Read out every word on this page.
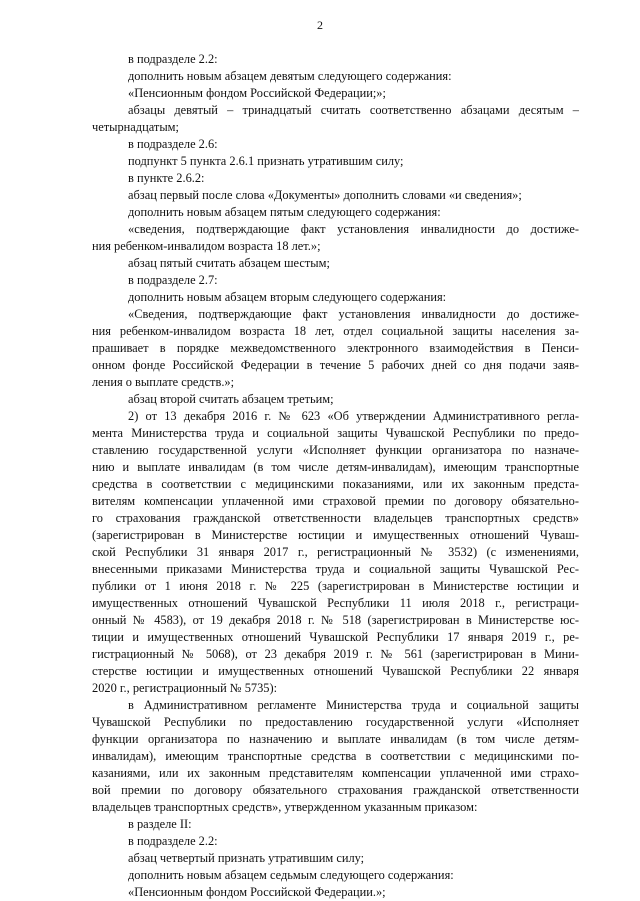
2
в подразделе 2.2:
дополнить новым абзацем девятым следующего содержания:
«Пенсионным фондом Российской Федерации;»;
абзацы девятый – тринадцатый считать соответственно абзацами десятым –
четырнадцатым;
в подразделе 2.6:
подпункт 5 пункта 2.6.1 признать утратившим силу;
в пункте 2.6.2:
абзац первый после слова «Документы» дополнить словами «и сведения»;
дополнить новым абзацем пятым следующего содержания:
«сведения, подтверждающие факт установления инвалидности до достиже-
ния ребенком-инвалидом возраста 18 лет.»;
абзац пятый считать абзацем шестым;
в подразделе 2.7:
дополнить новым абзацем вторым следующего содержания:
«Сведения, подтверждающие факт установления инвалидности до достиже-
ния ребенком-инвалидом возраста 18 лет, отдел социальной защиты населения за-
прашивает в порядке межведомственного электронного взаимодействия в Пенси-
онном фонде Российской Федерации в течение 5 рабочих дней со дня подачи заяв-
ления о выплате средств.»;
абзац второй считать абзацем третьим;
2) от 13 декабря 2016 г. № 623 «Об утверждении Административного регла-
мента Министерства труда и социальной защиты Чувашской Республики по предо-
ставлению государственной услуги «Исполняет функции организатора по назначе-
нию и выплате инвалидам (в том числе детям-инвалидам), имеющим транспортные
средства в соответствии с медицинскими показаниями, или их законным предста-
вителям компенсации уплаченной ими страховой премии по договору обязательно-
го страхования гражданской ответственности владельцев транспортных средств»
(зарегистрирован в Министерстве юстиции и имущественных отношений Чуваш-
ской Республики 31 января 2017 г., регистрационный № 3532) (с изменениями,
внесенными приказами Министерства труда и социальной защиты Чувашской Рес-
публики от 1 июня 2018 г. № 225 (зарегистрирован в Министерстве юстиции и
имущественных отношений Чувашской Республики 11 июля 2018 г., регистраци-
онный № 4583), от 19 декабря 2018 г. № 518 (зарегистрирован в Министерстве юс-
тиции и имущественных отношений Чувашской Республики 17 января 2019 г., ре-
гистрационный № 5068), от 23 декабря 2019 г. № 561 (зарегистрирован в Мини-
стерстве юстиции и имущественных отношений Чувашской Республики 22 января
2020 г., регистрационный № 5735):
в Административном регламенте Министерства труда и социальной защиты
Чувашской Республики по предоставлению государственной услуги «Исполняет
функции организатора по назначению и выплате инвалидам (в том числе детям-
инвалидам), имеющим транспортные средства в соответствии с медицинскими по-
казаниями, или их законным представителям компенсации уплаченной ими страхо-
вой премии по договору обязательного страхования гражданской ответственности
владельцев транспортных средств», утвержденном указанным приказом:
в разделе II:
в подразделе 2.2:
абзац четвертый признать утратившим силу;
дополнить новым абзацем седьмым следующего содержания:
«Пенсионным фондом Российской Федерации.»;
